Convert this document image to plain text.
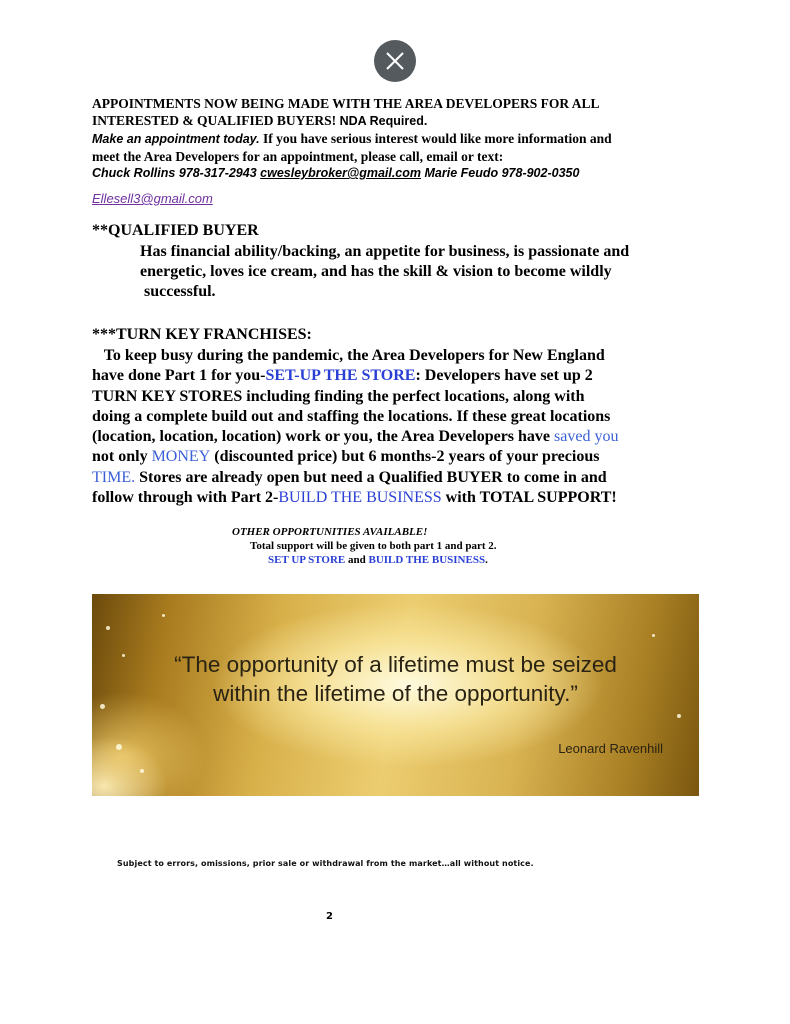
APPOINTMENTS NOW BEING MADE WITH THE AREA DEVELOPERS FOR ALL
INTERESTED & QUALIFIED BUYERS! NDA Required.
Make an appointment today. If you have serious interest would like more information and
meet the Area Developers for an appointment, please call, email or text:
Chuck Rollins 978-317-2943 cwesleybroker@gmail.com Marie Feudo 978-902-0350
Ellesell3@gmail.com
**QUALIFIED BUYER
Has financial ability/backing, an appetite for business, is passionate and
energetic, loves ice cream, and has the skill & vision to become wildly
successful.
***TURN KEY FRANCHISES:
To keep busy during the pandemic, the Area Developers for New England
have done Part 1 for you-SET-UP THE STORE: Developers have set up 2
TURN KEY STORES including finding the perfect locations, along with
doing a complete build out and staffing the locations. If these great locations
(location, location, location) work or you, the Area Developers have saved you
not only MONEY (discounted price) but 6 months-2 years of your precious
TIME. Stores are already open but need a Qualified BUYER to come in and
follow through with Part 2-BUILD THE BUSINESS with TOTAL SUPPORT!
OTHER OPPORTUNITIES AVAILABLE!
Total support will be given to both part 1 and part 2.
SET UP STORE and BUILD THE BUSINESS.
“The opportunity of a lifetime must be seized
within the lifetime of the opportunity.”
Leonard Ravenhill
Subject to errors, omissions, prior sale or withdrawal from the market…all without notice.
2
